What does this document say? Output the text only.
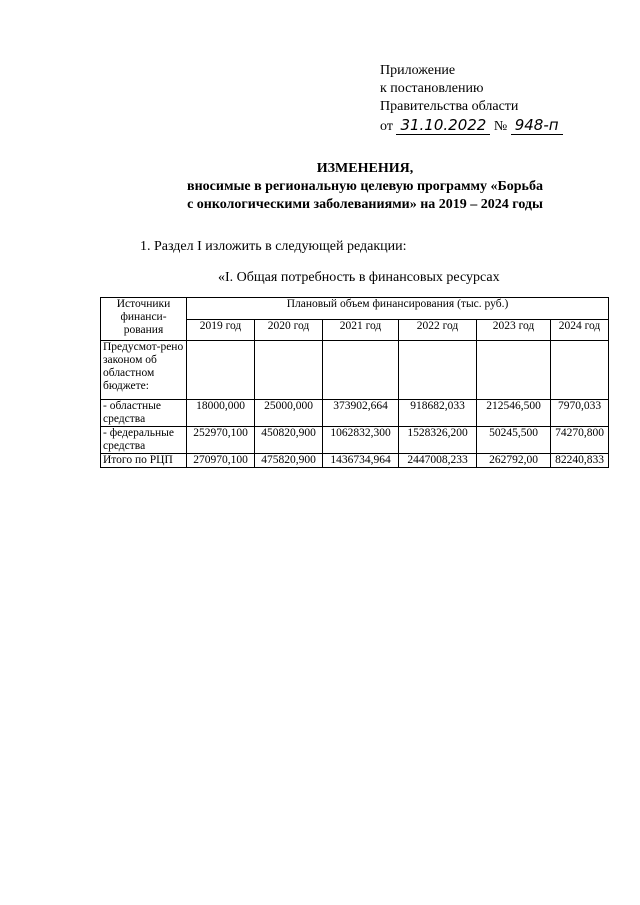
Приложение
к постановлению
Правительства области
от 31.10.2022 № 948-п
ИЗМЕНЕНИЯ,
вносимые в региональную целевую программу «Борьба
с онкологическими заболеваниями» на 2019 – 2024 годы
1. Раздел I изложить в следующей редакции:
«I. Общая потребность в финансовых ресурсах
Источники финанси-рования	Плановый объем финансирования (тыс. руб.)					
	2019 год	2020 год	2021 год	2022 год	2023 год	2024 год
Предусмот-рено законом об областном бюджете:						
- областные средства	18000,000	25000,000	373902,664	918682,033	212546,500	7970,033
- федеральные средства	252970,100	450820,900	1062832,300	1528326,200	50245,500	74270,800
Итого по РЦП	270970,100	475820,900	1436734,964	2447008,233	262792,00	82240,833
